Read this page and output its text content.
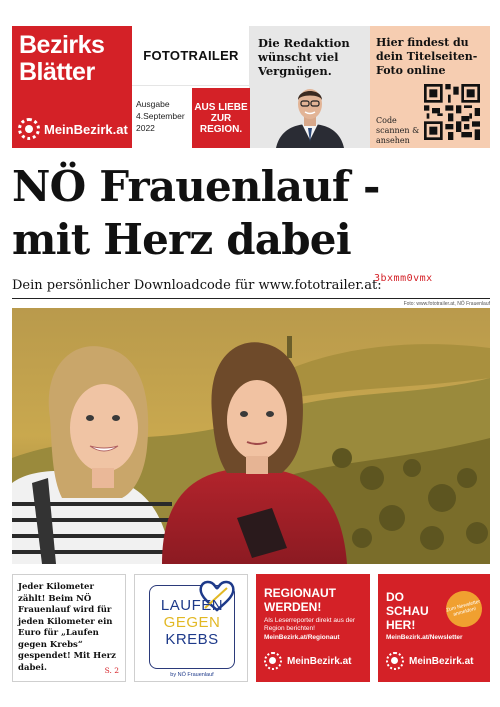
Bezirks
Blätter
MeinBezirk.at
FOTOTRAILER
Ausgabe
4.September
2022
AUS LIEBE ZUR REGION.
Die Redaktion wünscht viel Vergnügen.
Hier findest du dein Titelseiten-Foto online
Code scannen & ansehen
NÖ Frauenlauf -
mit Herz dabei
Dein persönlicher Downloadcode für www.fototrailer.at:
3bxmm0vmx
Foto: www.fototrailer.at, NÖ Frauenlauf
Jeder Kilometer zählt! Beim NÖ Frauenlauf wird für jeden Kilometer ein Euro für „Laufen gegen Krebs“ gespendet! Mit Herz dabei.	S. 2
LAUFEN
GEGEN
KREBS
by NÖ Frauenlauf
REGIONAUT
WERDEN!
Als Leserreporter direkt aus der Region berichten!
MeinBezirk.at/Regionaut
MeinBezirk.at
DO
SCHAU
HER!
Zum Newsletter anmelden!
MeinBezirk.at/Newsletter
MeinBezirk.at
